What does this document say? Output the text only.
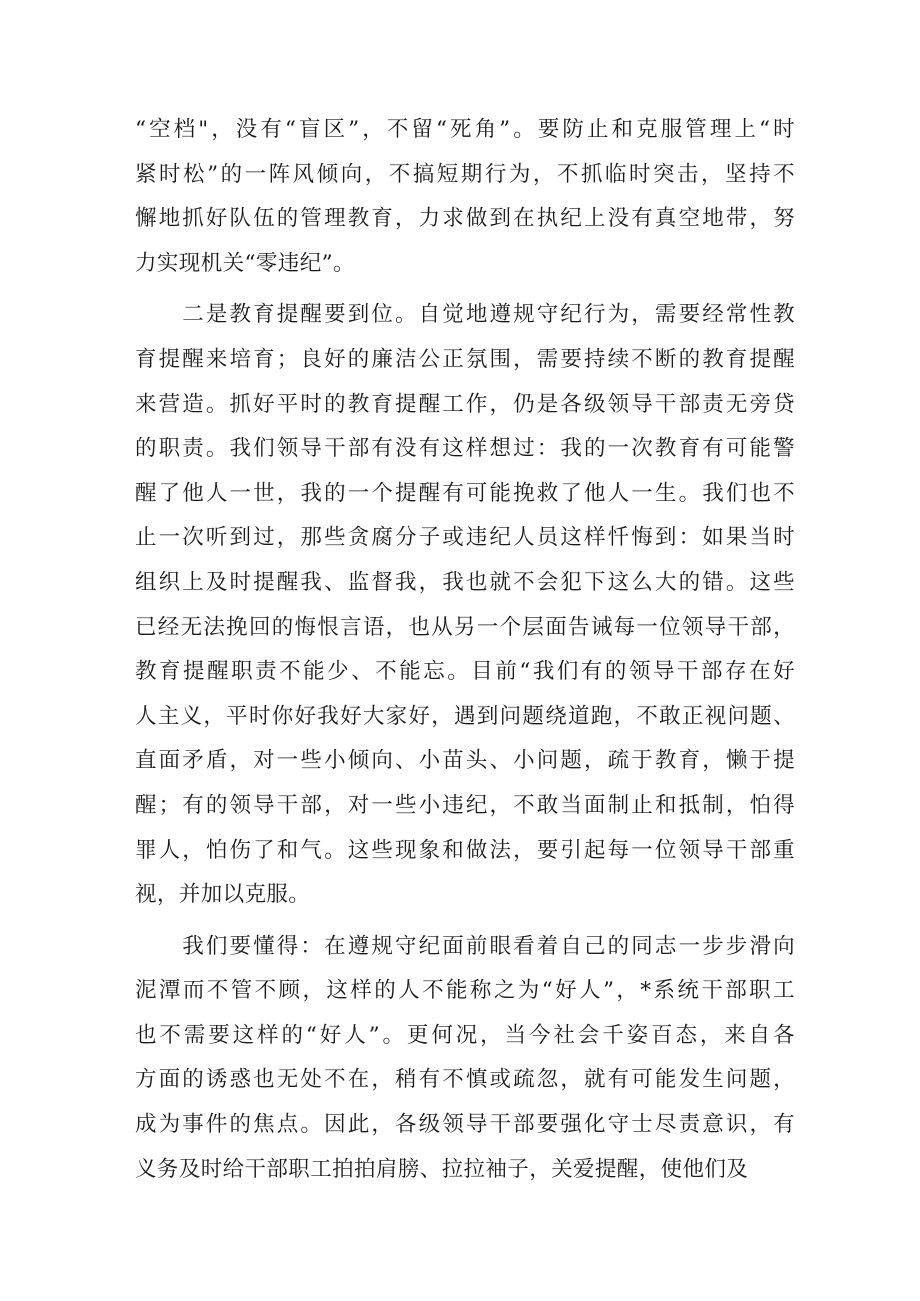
“空档"，没有“盲区”，不留“死角”。要防止和克服管理上“时
紧时松”的一阵风倾向，不搞短期行为，不抓临时突击，坚持不
懈地抓好队伍的管理教育，力求做到在执纪上没有真空地带，努
力实现机关“零违纪”。

　　二是教育提醒要到位。自觉地遵规守纪行为，需要经常性教
育提醒来培育；良好的廉洁公正氛围，需要持续不断的教育提醒
来营造。抓好平时的教育提醒工作，仍是各级领导干部责无旁贷
的职责。我们领导干部有没有这样想过：我的一次教育有可能警
醒了他人一世，我的一个提醒有可能挽救了他人一生。我们也不
止一次听到过，那些贪腐分子或违纪人员这样忏悔到：如果当时
组织上及时提醒我、监督我，我也就不会犯下这么大的错。这些
已经无法挽回的悔恨言语，也从另一个层面告诫每一位领导干部，
教育提醒职责不能少、不能忘。目前“我们有的领导干部存在好
人主义，平时你好我好大家好，遇到问题绕道跑，不敢正视问题、
直面矛盾，对一些小倾向、小苗头、小问题，疏于教育，懒于提
醒；有的领导干部，对一些小违纪，不敢当面制止和抵制，怕得
罪人，怕伤了和气。这些现象和做法，要引起每一位领导干部重
视，并加以克服。

　　我们要懂得：在遵规守纪面前眼看着自己的同志一步步滑向
泥潭而不管不顾，这样的人不能称之为“好人”，*系统干部职工
也不需要这样的“好人”。更何况，当今社会千姿百态，来自各
方面的诱惑也无处不在，稍有不慎或疏忽，就有可能发生问题，
成为事件的焦点。因此，各级领导干部要强化守士尽责意识，有
义务及时给干部职工拍拍肩膀、拉拉袖子，关爱提醒，使他们及
